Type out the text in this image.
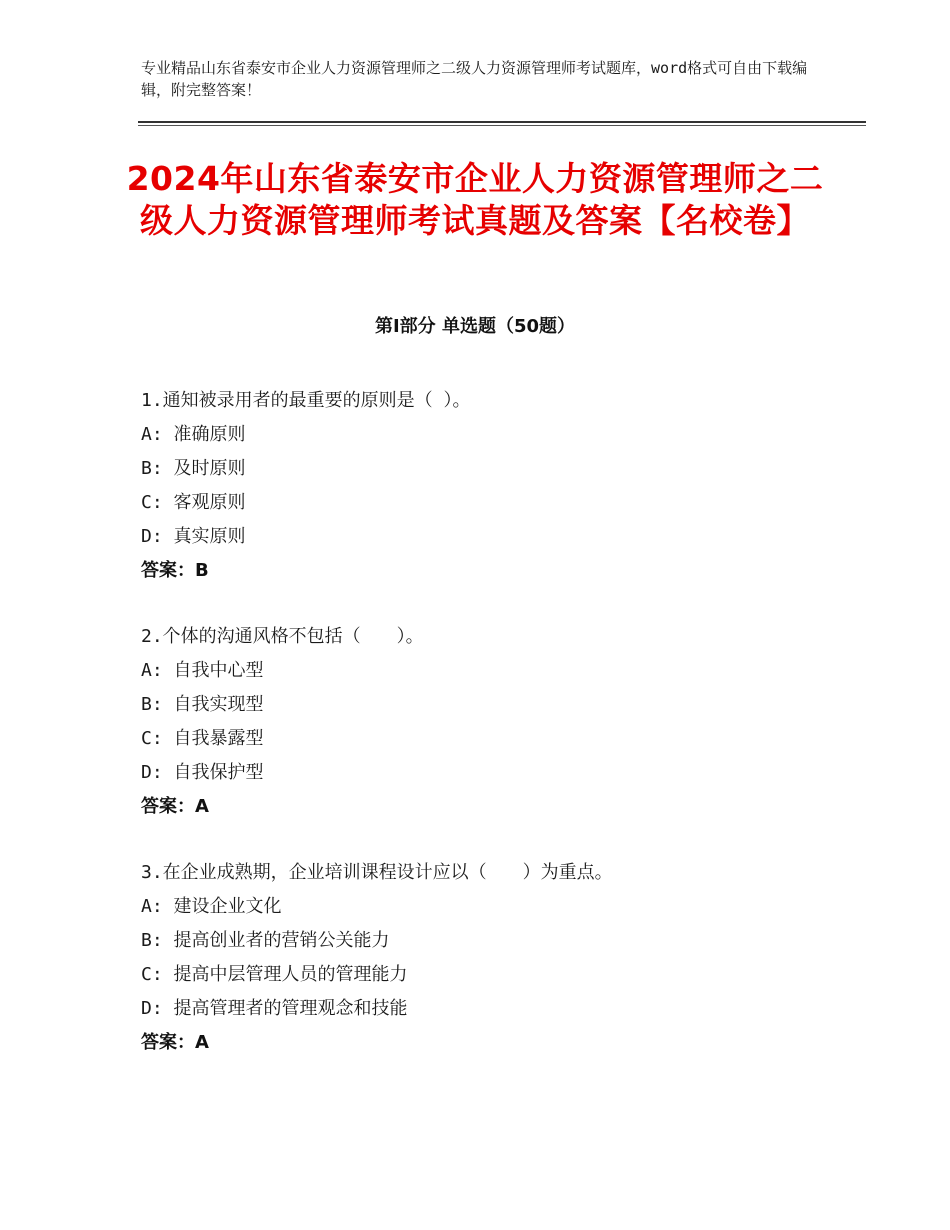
专业精品山东省泰安市企业人力资源管理师之二级人力资源管理师考试题库，word格式可自由下载编辑，附完整答案！
2024年山东省泰安市企业人力资源管理师之二级人力资源管理师考试真题及答案【名校卷】
第Ⅰ部分 单选题（50题）
1.通知被录用者的最重要的原则是（ ）。
A: 准确原则
B: 及时原则
C: 客观原则
D: 真实原则
答案：B
2.个体的沟通风格不包括（　　）。
A: 自我中心型
B: 自我实现型
C: 自我暴露型
D: 自我保护型
答案：A
3.在企业成熟期，企业培训课程设计应以（　　）为重点。
A: 建设企业文化
B: 提高创业者的营销公关能力
C: 提高中层管理人员的管理能力
D: 提高管理者的管理观念和技能
答案：A
